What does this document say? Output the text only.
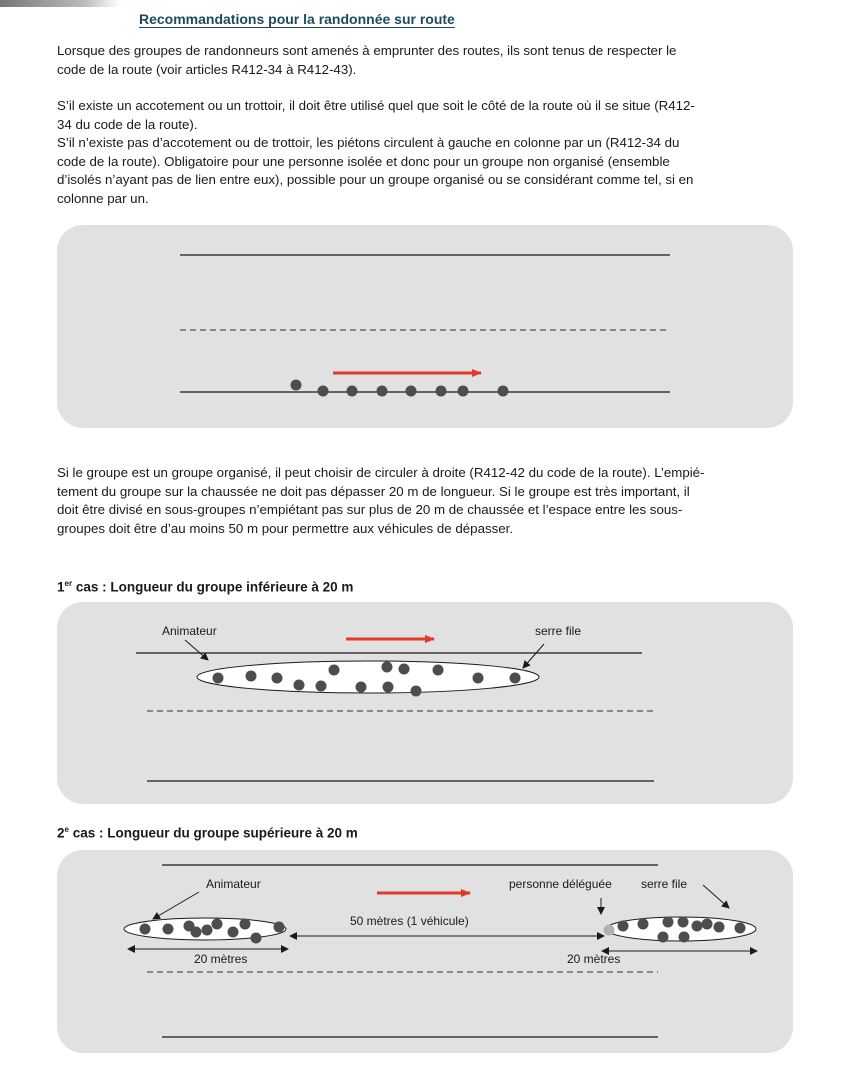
Recommandations pour la randonnée sur route

Lorsque des groupes de randonneurs sont amenés à emprunter des routes, ils sont tenus de respecter le
code de la route (voir articles R412-34 à R412-43).

S’il existe un accotement ou un trottoir, il doit être utilisé quel que soit le côté de la route où il se situe (R412-
34 du code de la route).
S’il n’existe pas d’accotement ou de trottoir, les piétons circulent à gauche en colonne par un (R412-34 du
code de la route). Obligatoire pour une personne isolée et donc pour un groupe non organisé (ensemble
d’isolés n’ayant pas de lien entre eux), possible pour un groupe organisé ou se considérant comme tel, si en
colonne par un.

Si le groupe est un groupe organisé, il peut choisir de circuler à droite (R412-42 du code de la route). L’empié-
tement du groupe sur la chaussée ne doit pas dépasser 20 m de longueur. Si le groupe est très important, il
doit être divisé en sous-groupes n’empiétant pas sur plus de 20 m de chaussée et l’espace entre les sous-
groupes doit être d’au moins 50 m pour permettre aux véhicules de dépasser.

1er cas : Longueur du groupe inférieure à 20 m
Animateur	serre file
2e cas : Longueur du groupe supérieure à 20 m
Animateur	personne déléguée serre file
50 mètres (1 véhicule)
20 mètres	20 mètres
